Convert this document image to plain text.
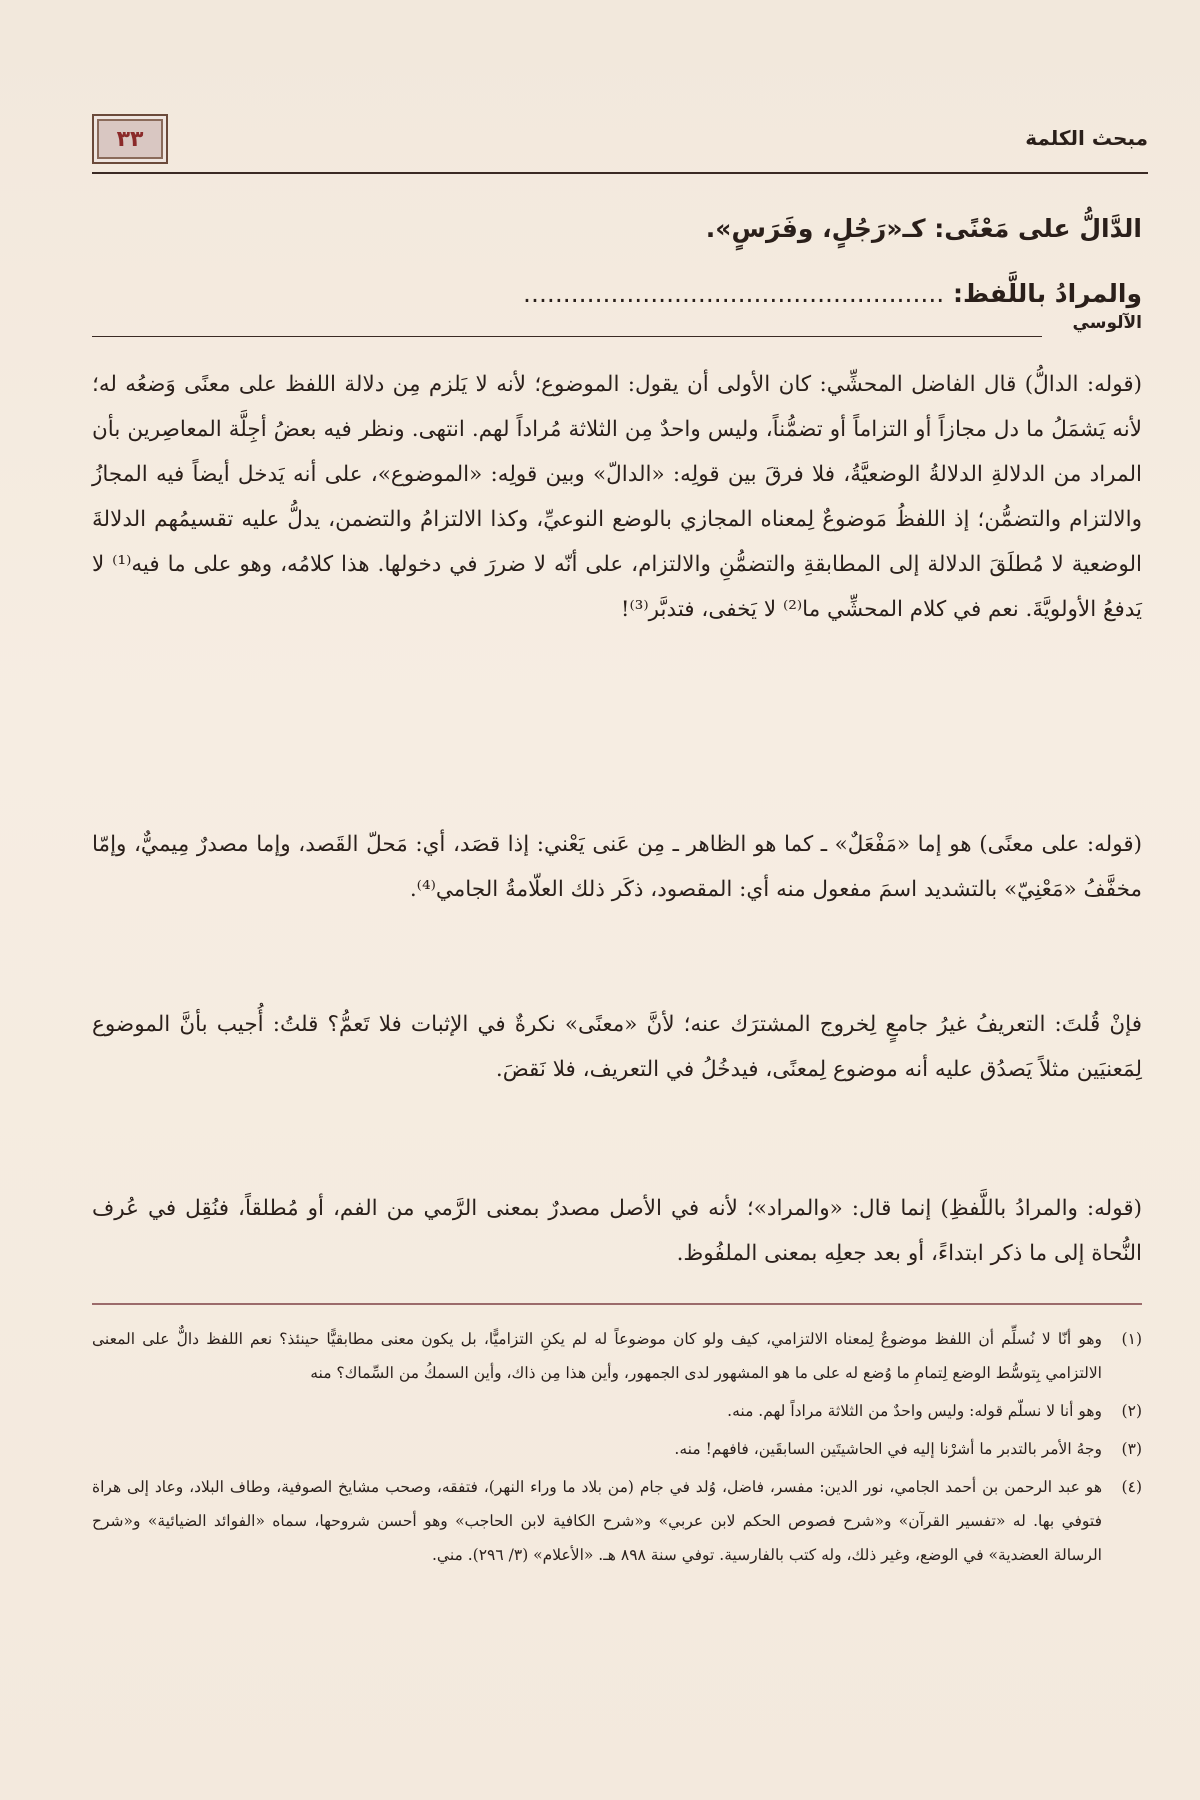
٣٣	مبحث الكلمة
الدَّالُّ على مَعْنًى: كـ«رَجُلٍ، وفَرَسٍ».
والمرادُ باللَّفظ: .....................................................
الآلوسي
(قوله: الدالُّ) قال الفاضل المحشِّي: كان الأولى أن يقول: الموضوع؛ لأنه لا يَلزم مِن دلالة اللفظ على معنًى وَضعُه له؛ لأنه يَشمَلُ ما دل مجازاً أو التزاماً أو تضمُّناً، وليس واحدٌ مِن الثلاثة مُراداً لهم. انتهى. ونظر فيه بعضُ أجِلَّة المعاصِرين بأن المراد من الدلالةِ الدلالةُ الوضعيَّةُ، فلا فرقَ بين قولِه: «الدالّ» وبين قولِه: «الموضوع»، على أنه يَدخل أيضاً فيه المجازُ والالتزام والتضمُّن؛ إذ اللفظُ مَوضوعٌ لِمعناه المجازي بالوضع النوعيِّ، وكذا الالتزامُ والتضمن، يدلُّ عليه تقسيمُهم الدلالةَ الوضعية لا مُطلَقَ الدلالة إلى المطابقةِ والتضمُّنِ والالتزام، على أنّه لا ضررَ في دخولها. هذا كلامُه، وهو على ما فيه⁽¹⁾ لا يَدفعُ الأولويَّةَ. نعم في كلام المحشِّي ما⁽²⁾ لا يَخفى، فتدبَّر⁽³⁾!
(قوله: على معنًى) هو إما «مَفْعَلٌ» ـ كما هو الظاهر ـ مِن عَنى يَعْني: إذا قصَد، أي: مَحلّ القَصد، وإما مصدرٌ مِيميٌّ، وإمّا مخفَّفُ «مَعْنِيّ» بالتشديد اسمَ مفعول منه أي: المقصود، ذكَر ذلك العلّامةُ الجامي⁽⁴⁾.
فإنْ قُلتَ: التعريفُ غيرُ جامعٍ لِخروج المشترَك عنه؛ لأنَّ «معنًى» نكرةٌ في الإثبات فلا تَعمُّ؟ قلتُ: أُجيب بأنَّ الموضوع لِمَعنيَين مثلاً يَصدُق عليه أنه موضوع لِمعنًى، فيدخُلُ في التعريف، فلا نَقضَ.
(قوله: والمرادُ باللَّفظِ) إنما قال: «والمراد»؛ لأنه في الأصل مصدرٌ بمعنى الرَّمي من الفم، أو مُطلقاً، فنُقِل في عُرف النُّحاة إلى ما ذكر ابتداءً، أو بعد جعلِه بمعنى الملفُوظ.
(١)
وهو أنّا لا نُسلِّم أن اللفظ موضوعٌ لِمعناه الالتزامي، كيف ولو كان موضوعاً له لم يكنِ التزاميًّا، بل يكون معنى مطابقيًّا حينئذ؟ نعم اللفظ دالٌّ على المعنى الالتزامي بِتوسُّط الوضع لِتمامِ ما وُضع له على ما هو المشهور لدى الجمهور، وأين هذا مِن ذاك، وأين السمكُ من السِّماك؟ منه
(٢)
وهو أنا لا نسلّم قوله: وليس واحدٌ من الثلاثة مراداً لهم. منه.
(٣)
وجهُ الأمر بالتدبر ما أشرْنا إليه في الحاشيتَين السابقَين، فافهم! منه.
(٤)
هو عبد الرحمن بن أحمد الجامي، نور الدين: مفسر، فاضل، وُلد في جام (من بلاد ما وراء النهر)، فتفقه، وصحب مشايخ الصوفية، وطاف البلاد، وعاد إلى هراة فتوفي بها. له «تفسير القرآن» و«شرح فصوص الحكم لابن عربي» و«شرح الكافية لابن الحاجب» وهو أحسن شروحها، سماه «الفوائد الضيائية» و«شرح الرسالة العضدية» في الوضع، وغير ذلك، وله كتب بالفارسية. توفي سنة ٨٩٨ هـ. «الأعلام» (٣/ ٢٩٦). مني.
